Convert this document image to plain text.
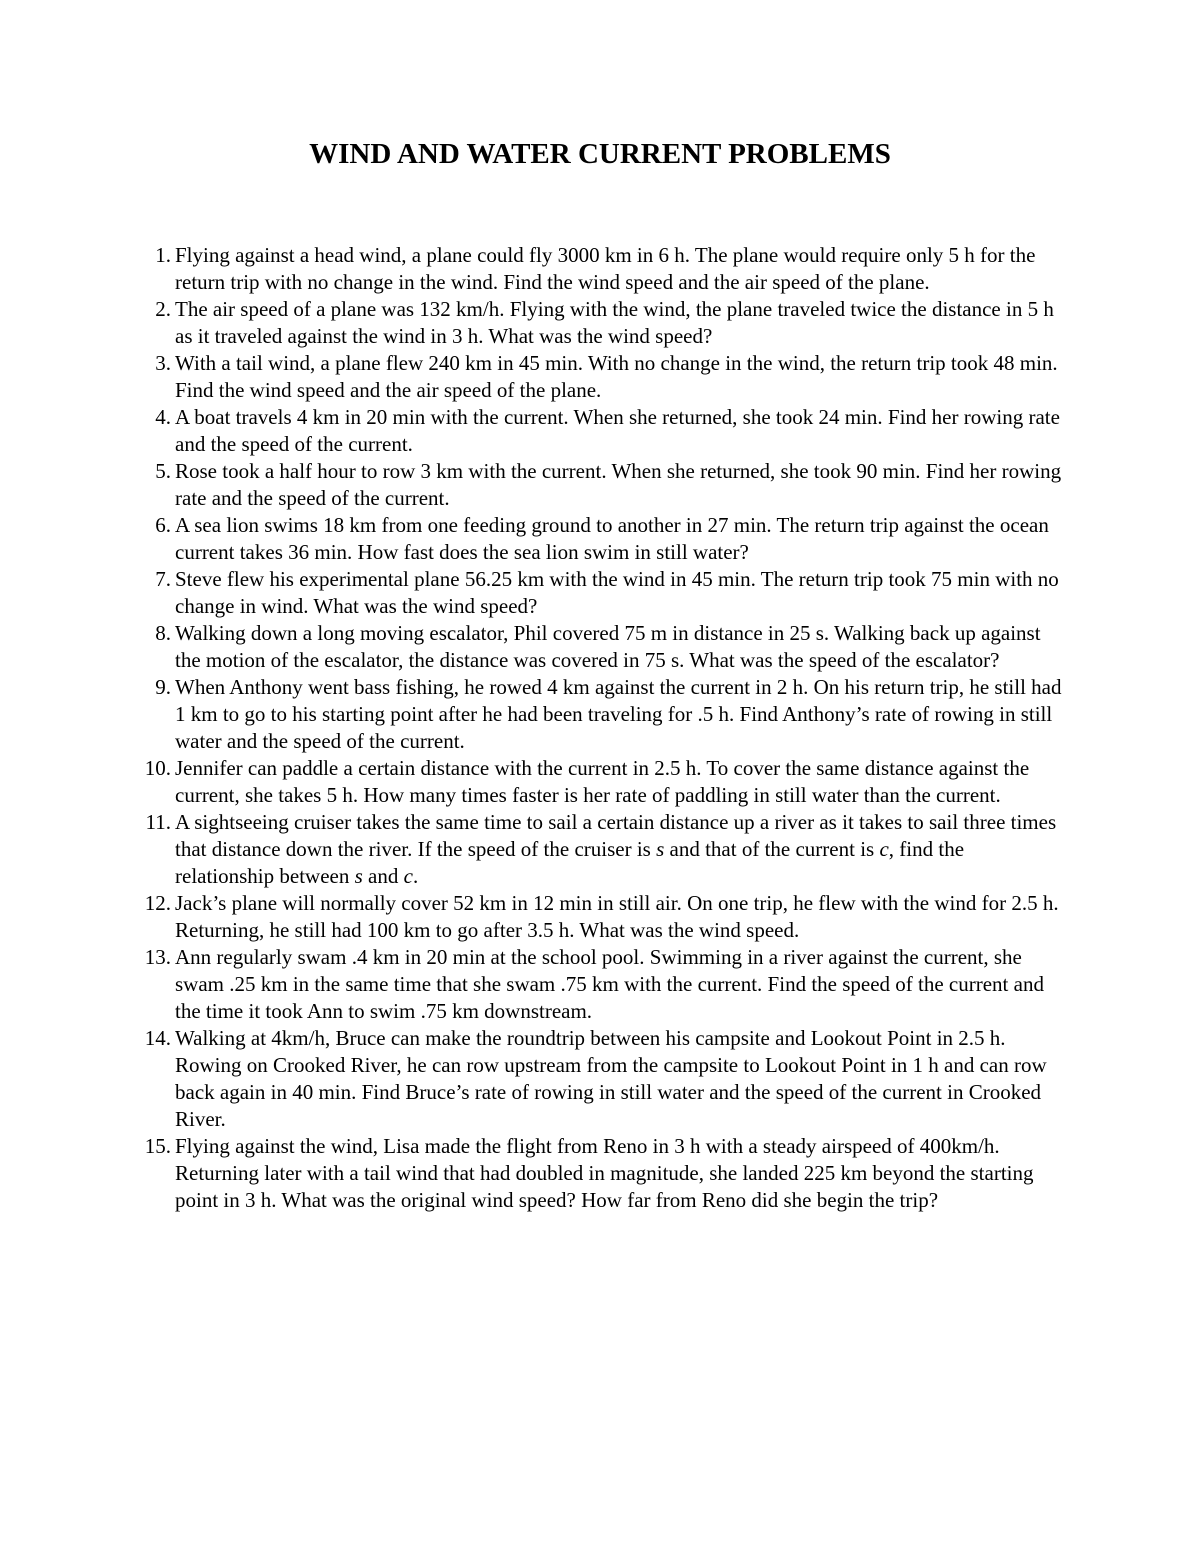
WIND AND WATER CURRENT PROBLEMS
1. Flying against a head wind, a plane could fly 3000 km in 6 h. The plane would require only 5 h for the return trip with no change in the wind. Find the wind speed and the air speed of the plane.
2. The air speed of a plane was 132 km/h. Flying with the wind, the plane traveled twice the distance in 5 h as it traveled against the wind in 3 h. What was the wind speed?
3. With a tail wind, a plane flew 240 km in 45 min. With no change in the wind, the return trip took 48 min. Find the wind speed and the air speed of the plane.
4. A boat travels 4 km in 20 min with the current. When she returned, she took 24 min. Find her rowing rate and the speed of the current.
5. Rose took a half hour to row 3 km with the current. When she returned, she took 90 min. Find her rowing rate and the speed of the current.
6. A sea lion swims 18 km from one feeding ground to another in 27 min. The return trip against the ocean current takes 36 min. How fast does the sea lion swim in still water?
7. Steve flew his experimental plane 56.25 km with the wind in 45 min. The return trip took 75 min with no change in wind. What was the wind speed?
8. Walking down a long moving escalator, Phil covered 75 m in distance in 25 s. Walking back up against the motion of the escalator, the distance was covered in 75 s. What was the speed of the escalator?
9. When Anthony went bass fishing, he rowed 4 km against the current in 2 h. On his return trip, he still had 1 km to go to his starting point after he had been traveling for .5 h. Find Anthony’s rate of rowing in still water and the speed of the current.
10. Jennifer can paddle a certain distance with the current in 2.5 h. To cover the same distance against the current, she takes 5 h. How many times faster is her rate of paddling in still water than the current.
11. A sightseeing cruiser takes the same time to sail a certain distance up a river as it takes to sail three times that distance down the river. If the speed of the cruiser is s and that of the current is c, find the relationship between s and c.
12. Jack’s plane will normally cover 52 km in 12 min in still air. On one trip, he flew with the wind for 2.5 h. Returning, he still had 100 km to go after 3.5 h. What was the wind speed.
13. Ann regularly swam .4 km in 20 min at the school pool. Swimming in a river against the current, she swam .25 km in the same time that she swam .75 km with the current. Find the speed of the current and the time it took Ann to swim .75 km downstream.
14. Walking at 4km/h, Bruce can make the roundtrip between his campsite and Lookout Point in 2.5 h. Rowing on Crooked River, he can row upstream from the campsite to Lookout Point in 1 h and can row back again in 40 min. Find Bruce’s rate of rowing in still water and the speed of the current in Crooked River.
15. Flying against the wind, Lisa made the flight from Reno in 3 h with a steady airspeed of 400km/h. Returning later with a tail wind that had doubled in magnitude, she landed 225 km beyond the starting point in 3 h. What was the original wind speed? How far from Reno did she begin the trip?
